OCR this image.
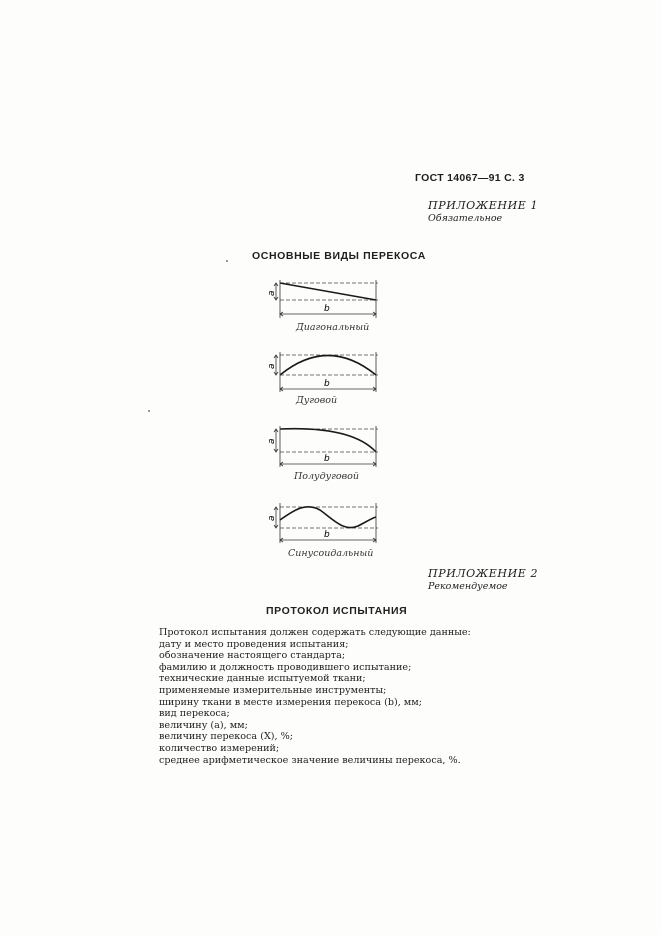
ГОСТ 14067—91 С. 3
ПРИЛОЖЕНИЕ 1
Обязательное
ОСНОВНЫЕ ВИДЫ ПЕРЕКОСА
a
b
Диагональный
a
b
Дуговой
a
b
Полудуговой
a
b
Синусоидальный
ПРИЛОЖЕНИЕ 2
Рекомендуемое
ПРОТОКОЛ ИСПЫТАНИЯ
Протокол испытания должен содержать следующие данные:
дату и место проведения испытания;
обозначение настоящего стандарта;
фамилию и должность проводившего испытание;
технические данные испытуемой ткани;
применяемые измерительные инструменты;
ширину ткани в месте измерения перекоса (b), мм;
вид перекоса;
величину (a), мм;
величину перекоса (X), %;
количество измерений;
среднее арифметическое значение величины перекоса, %.
